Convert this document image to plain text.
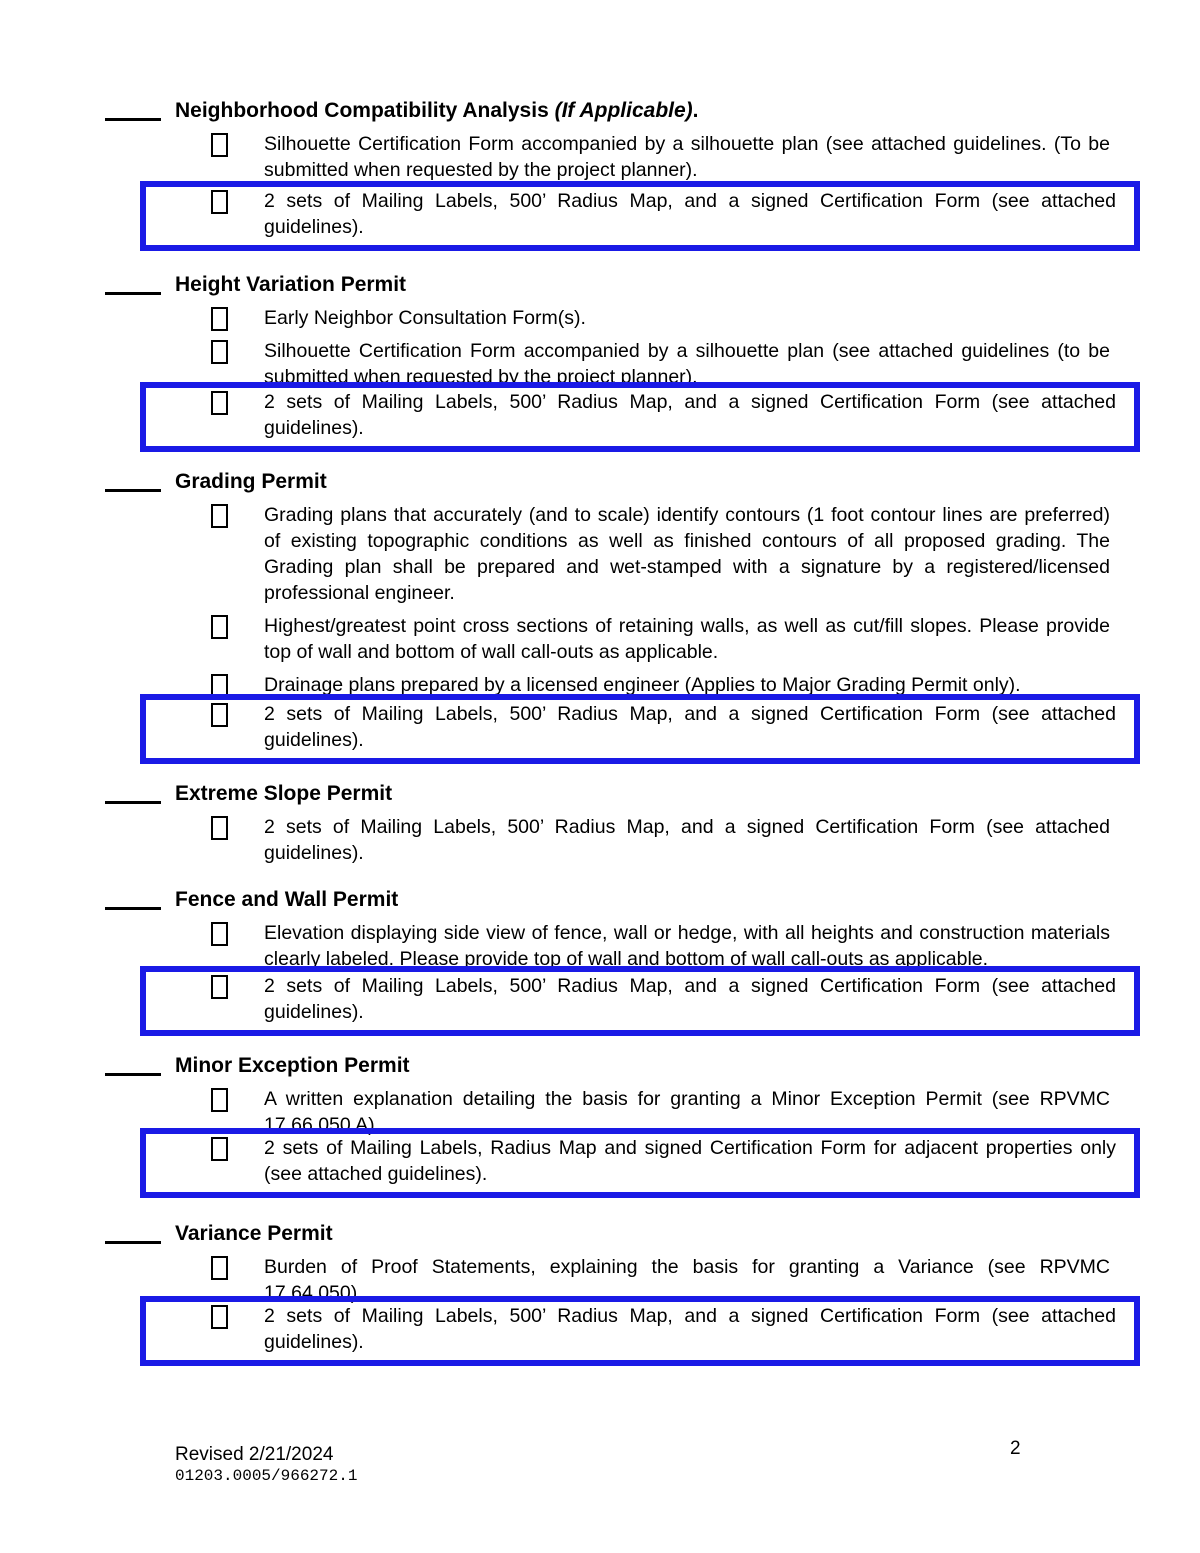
Neighborhood Compatibility Analysis (If Applicable).
Silhouette Certification Form accompanied by a silhouette plan (see attached guidelines. (To be submitted when requested by the project planner).
2 sets of Mailing Labels, 500’ Radius Map, and a signed Certification Form (see attached guidelines).
Height Variation Permit
Early Neighbor Consultation Form(s).
Silhouette Certification Form accompanied by a silhouette plan (see attached guidelines (to be submitted when requested by the project planner).
2 sets of Mailing Labels, 500’ Radius Map, and a signed Certification Form (see attached guidelines).
Grading Permit
Grading plans that accurately (and to scale) identify contours (1 foot contour lines are preferred) of existing topographic conditions as well as finished contours of all proposed grading. The Grading plan shall be prepared and wet-stamped with a signature by a registered/licensed professional engineer.
Highest/greatest point cross sections of retaining walls, as well as cut/fill slopes. Please provide top of wall and bottom of wall call-outs as applicable.
Drainage plans prepared by a licensed engineer (Applies to Major Grading Permit only).
2 sets of Mailing Labels, 500’ Radius Map, and a signed Certification Form (see attached guidelines).
Extreme Slope Permit
2 sets of Mailing Labels, 500’ Radius Map, and a signed Certification Form (see attached guidelines).
Fence and Wall Permit
Elevation displaying side view of fence, wall or hedge, with all heights and construction materials clearly labeled. Please provide top of wall and bottom of wall call-outs as applicable.
2 sets of Mailing Labels, 500’ Radius Map, and a signed Certification Form (see attached guidelines).
Minor Exception Permit
A written explanation detailing the basis for granting a Minor Exception Permit (see RPVMC 17.66.050 A).
2 sets of Mailing Labels, Radius Map and signed Certification Form for adjacent properties only (see attached guidelines).
Variance Permit
Burden of Proof Statements, explaining the basis for granting a Variance (see RPVMC 17.64.050).
2 sets of Mailing Labels, 500’ Radius Map, and a signed Certification Form (see attached guidelines).
Revised 2/21/2024
01203.0005/966272.1
2
